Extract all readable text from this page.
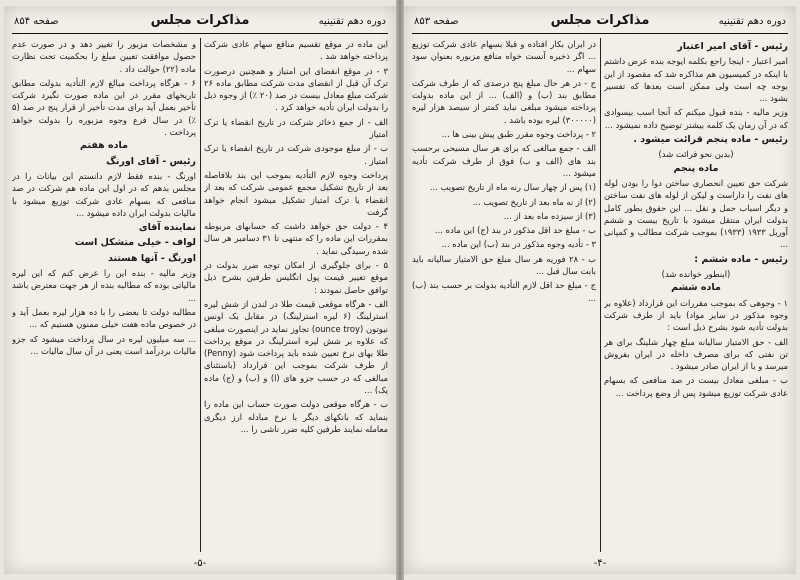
دوره دهم تقنینیه
مذاکرات مجلس
صفحه ۸۵۴

این ماده در موقع تقسیم منافع سهام عادی شرکت پرداخته خواهد شد .

۳ - در موقع انقضای این امتیاز و همچنین درصورت ترک آن قبل از انقضای مدت شرکت مطابق ماده ۲۶ شرکت مبلغ معادل بیست در صد (۲۰ ٪) از وجوه ذیل را بدولت ایران تأدیه خواهد کرد .

الف - از جمع ذخائر شرکت در تاریخ انقضاء یا ترک امتیاز

ب - از مبلغ موجودی شرکت در تاریخ انقضاء یا ترک امتیاز .

پرداخت وجوه لازم التأدیه بموجب این بند بلافاصله بعد از تاریخ تشکیل مجمع عمومی شرکت که بعد از انقضاء یا ترک امتیاز تشکیل میشود انجام خواهد گرفت

۴ - دولت حق خواهد داشت که حسابهای مربوطه بمقررات این ماده را که منتهی تا ۳۱ دسامبر هر سال شده رسیدگی نماید .

۵ - برای جلوگیری از امکان توجه ضرر بدولت در موقع تغییر قیمت پول انگلیس طرفین بشرح ذیل توافق حاصل نمودند :

الف - هرگاه موقعی قیمت طلا در لندن از شش لیره استرلینگ (۶ لیره استرلینگ) در مقابل یک اونس نیوتون (ounce troy) تجاوز نماید در اینصورت مبلغی که علاوه بر شش لیره استرلینگ در موقع پرداخت طلا بهای نرخ تعیین شده باید پرداخت شود (Penny) از طرف شرکت بموجب این قرارداد (باستثنای مبالغی که در حسب جزو های (ا) و (ب) و (ج) ماده یک) ...

ب - هرگاه موقعی دولت صورت حساب این ماده را بنماید که بانکهای دیگر با نرخ مبادله ارز دیگری معامله نمایند طرفین کلیه ضرر ناشی را ...

و مشخصات مزبور را تغییر دهد و در صورت عدم حصول موافقت تعیین مبلغ را بحکمیت تحت نظارت ماده (۲۲) حوالت داد .

۶ - هرگاه پرداخت مبالغ لازم التأدیه بدولت مطابق تاریخهای مقرر در این ماده صورت نگیرد شرکت تأخیر بعمل آید برای مدت تأخیر از قرار پنج در صد (۵ ٪) در سال فرع وجوه مزبوره را بدولت خواهد پرداخت .

ماده هفتم

رئیس - آقای اورنگ

اورنگ - بنده فقط لازم دانستم این بیانات را در مجلس بدهم که در اول این ماده هم شرکت در صد منافعی که بسهام عادی شرکت توزیع میشود با مالیات بدولت ایران داده میشود ...

نماینده آقای

لواف - خیلی متشکل است

اورنگ - آنها هستند

وزیر مالیه - بنده این را عرض کنم که این لیره مالیاتی بوده که مطالبه بنده از هر جهت معترض باشد ...

مطالبه دولت تا بعضی را با ده هزار لیره بعمل آید و در خصوص ماده هفت خیلی ممنون هستیم که ...

... سه میلیون لیره در سال پرداخت میشود که جزو مالیات بردرآمد است یعنی در آن سال مالیات ...

-۵-
دوره دهم تقنینیه
مذاکرات مجلس
صفحه ۸۵۳

رئیس - آقای امیر اعتبار

امیر اعتبار - اینجا راجع بکلمه ایوجه بنده عرض داشتم با اینکه در کمیسیون هم مذاکره شد که مقصود از این بوجه چه است ولی ممکن است بعدها که تفسیر بشود ...

وزیر مالیه - بنده قبول میکنم که آنجا اسب بیسوادی که در آن زمان یک کلمه بیشتر توضیح داده نمیشود ...

رئیس - ماده پنجم قرائت میشود .

(بدین نحو قرائت شد)

ماده پنجم

شرکت حق تعیین انحصاری ساختن دوا را بودن لوله های نفت را داراست و لیکن از لوله های نفت ساختن و دیگر اسباب حمل و نقل ... این حقوق بطور کامل بدولت ایران منتقل میشود با تاریخ بیست و ششم آوریل ۱۹۳۳ (۱۹۳۳) بموجب شرکت مطالب و کمپانی ...

رئیس - ماده ششم :

(اینطور خوانده شد)

ماده ششم

۱ - وجوهی که بموجب مقررات این قرارداد (علاوه بر وجوه مذکور در سایر مواد) باید از طرف شرکت بدولت تأدیه شود بشرح ذیل است :

الف - حق الامتیاز سالیانه مبلغ چهار شلینگ برای هر تن نفتی که برای مصرف داخله در ایران بفروش میرسد و یا از ایران صادر میشود .

ب - مبلغی معادل بیست در صد منافعی که بسهام عادی شرکت توزیع میشود پس از وضع پرداخت ...

در ایران بکار افتاده و قبلا بسهام عادی شرکت توزیع ... اگر ذخیره آنست خواه منافع مزبوره بعنوان سود سهام ...

ج - در هر حال مبلغ پنج درصدی که از طرف شرکت مطابق بند (ب) و (الف) ... از این ماده بدولت پرداخته میشود مبلغی نباید کمتر از سیصد هزار لیره (۳۰۰۰۰۰) لیره بوده باشد .

۲ - پرداخت وجوه مقرر طبق پیش بینی ها ...

الف - جمع مبالغی که برای هر سال مسیحی برحسب بند های (الف و ب) فوق از طرف شرکت تأدیه میشود ...

(۱) پس از چهار سال رنه ماه از تاریخ تصویب ...

(۲) از نه ماه بعد از تاریخ تصویب ...

(۳) از سیزده ماه بعد از ...

ب - مبلغ حد اقل مذکور در بند (ج) این ماده ...

۳ - تأدیه وجوه مذکور در بند (ب) این ماده ...

ب - ۲۸ فوریه هر سال مبلغ حق الامتیاز سالیانه باید بابت سال قبل ...

ج - مبلغ حد اقل لازم التأدیه بدولت بر حسب بند (ب) ...

-۴-
